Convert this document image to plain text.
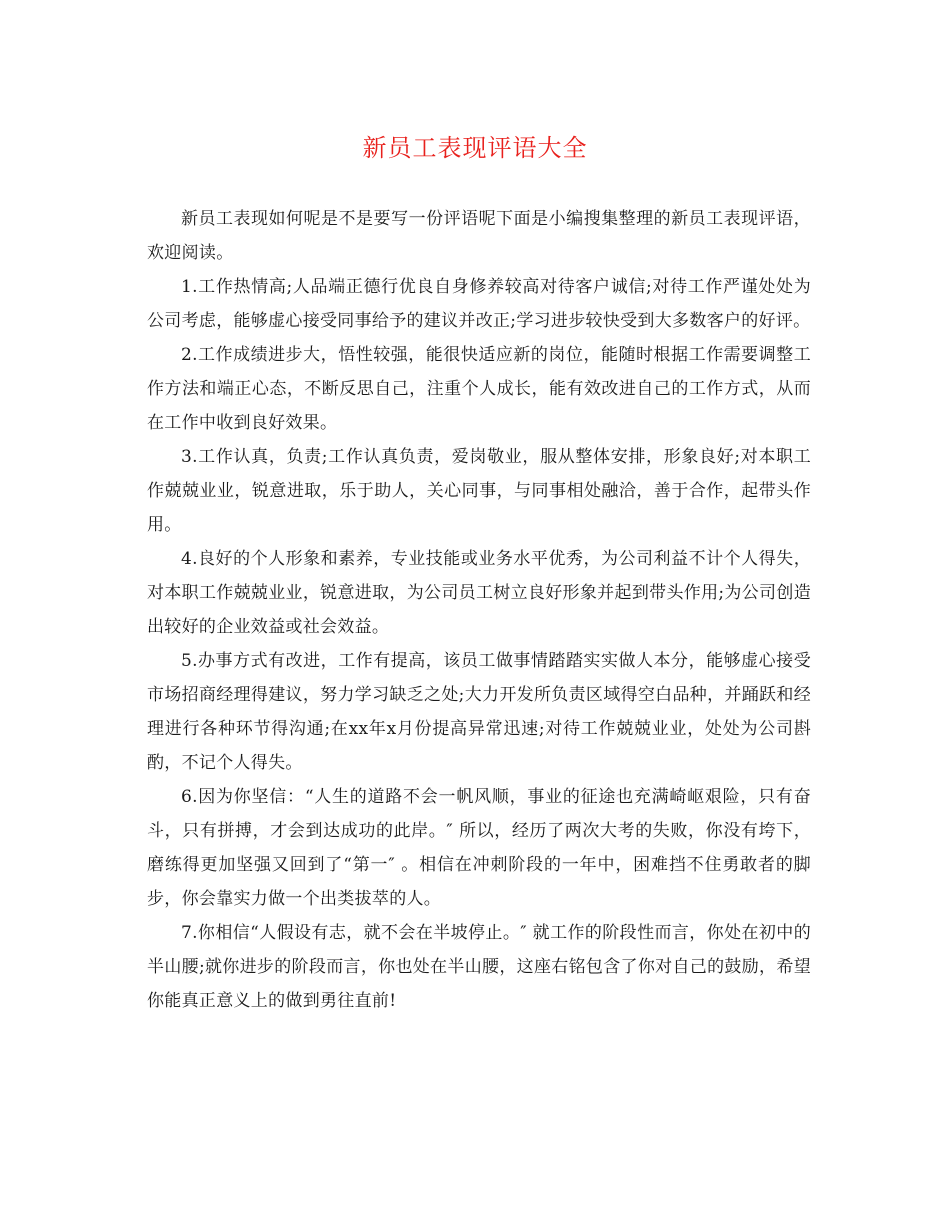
新员工表现评语大全

新员工表现如何呢是不是要写一份评语呢下面是小编搜集整理的新员工表现评语，欢迎阅读。

1.工作热情高;人品端正德行优良自身修养较高对待客户诚信;对待工作严谨处处为公司考虑，能够虚心接受同事给予的建议并改正;学习进步较快受到大多数客户的好评。

2.工作成绩进步大，悟性较强，能很快适应新的岗位，能随时根据工作需要调整工作方法和端正心态，不断反思自己，注重个人成长，能有效改进自己的工作方式，从而在工作中收到良好效果。

3.工作认真，负责;工作认真负责，爱岗敬业，服从整体安排，形象良好;对本职工作兢兢业业，锐意进取，乐于助人，关心同事，与同事相处融洽，善于合作，起带头作用。

4.良好的个人形象和素养，专业技能或业务水平优秀，为公司利益不计个人得失，对本职工作兢兢业业，锐意进取，为公司员工树立良好形象并起到带头作用;为公司创造出较好的企业效益或社会效益。

5.办事方式有改进，工作有提高，该员工做事情踏踏实实做人本分，能够虚心接受市场招商经理得建议，努力学习缺乏之处;大力开发所负责区域得空白品种，并踊跃和经理进行各种环节得沟通;在xx年x月份提高异常迅速;对待工作兢兢业业，处处为公司斟酌，不记个人得失。

6.因为你坚信：“人生的道路不会一帆风顺，事业的征途也充满崎岖艰险，只有奋斗，只有拼搏，才会到达成功的此岸。″ 所以，经历了两次大考的失败，你没有垮下，磨练得更加坚强又回到了“第一″ 。相信在冲刺阶段的一年中，困难挡不住勇敢者的脚步，你会靠实力做一个出类拔萃的人。

7.你相信“人假设有志，就不会在半坡停止。″ 就工作的阶段性而言，你处在初中的半山腰;就你进步的阶段而言，你也处在半山腰，这座右铭包含了你对自己的鼓励，希望你能真正意义上的做到勇往直前!
